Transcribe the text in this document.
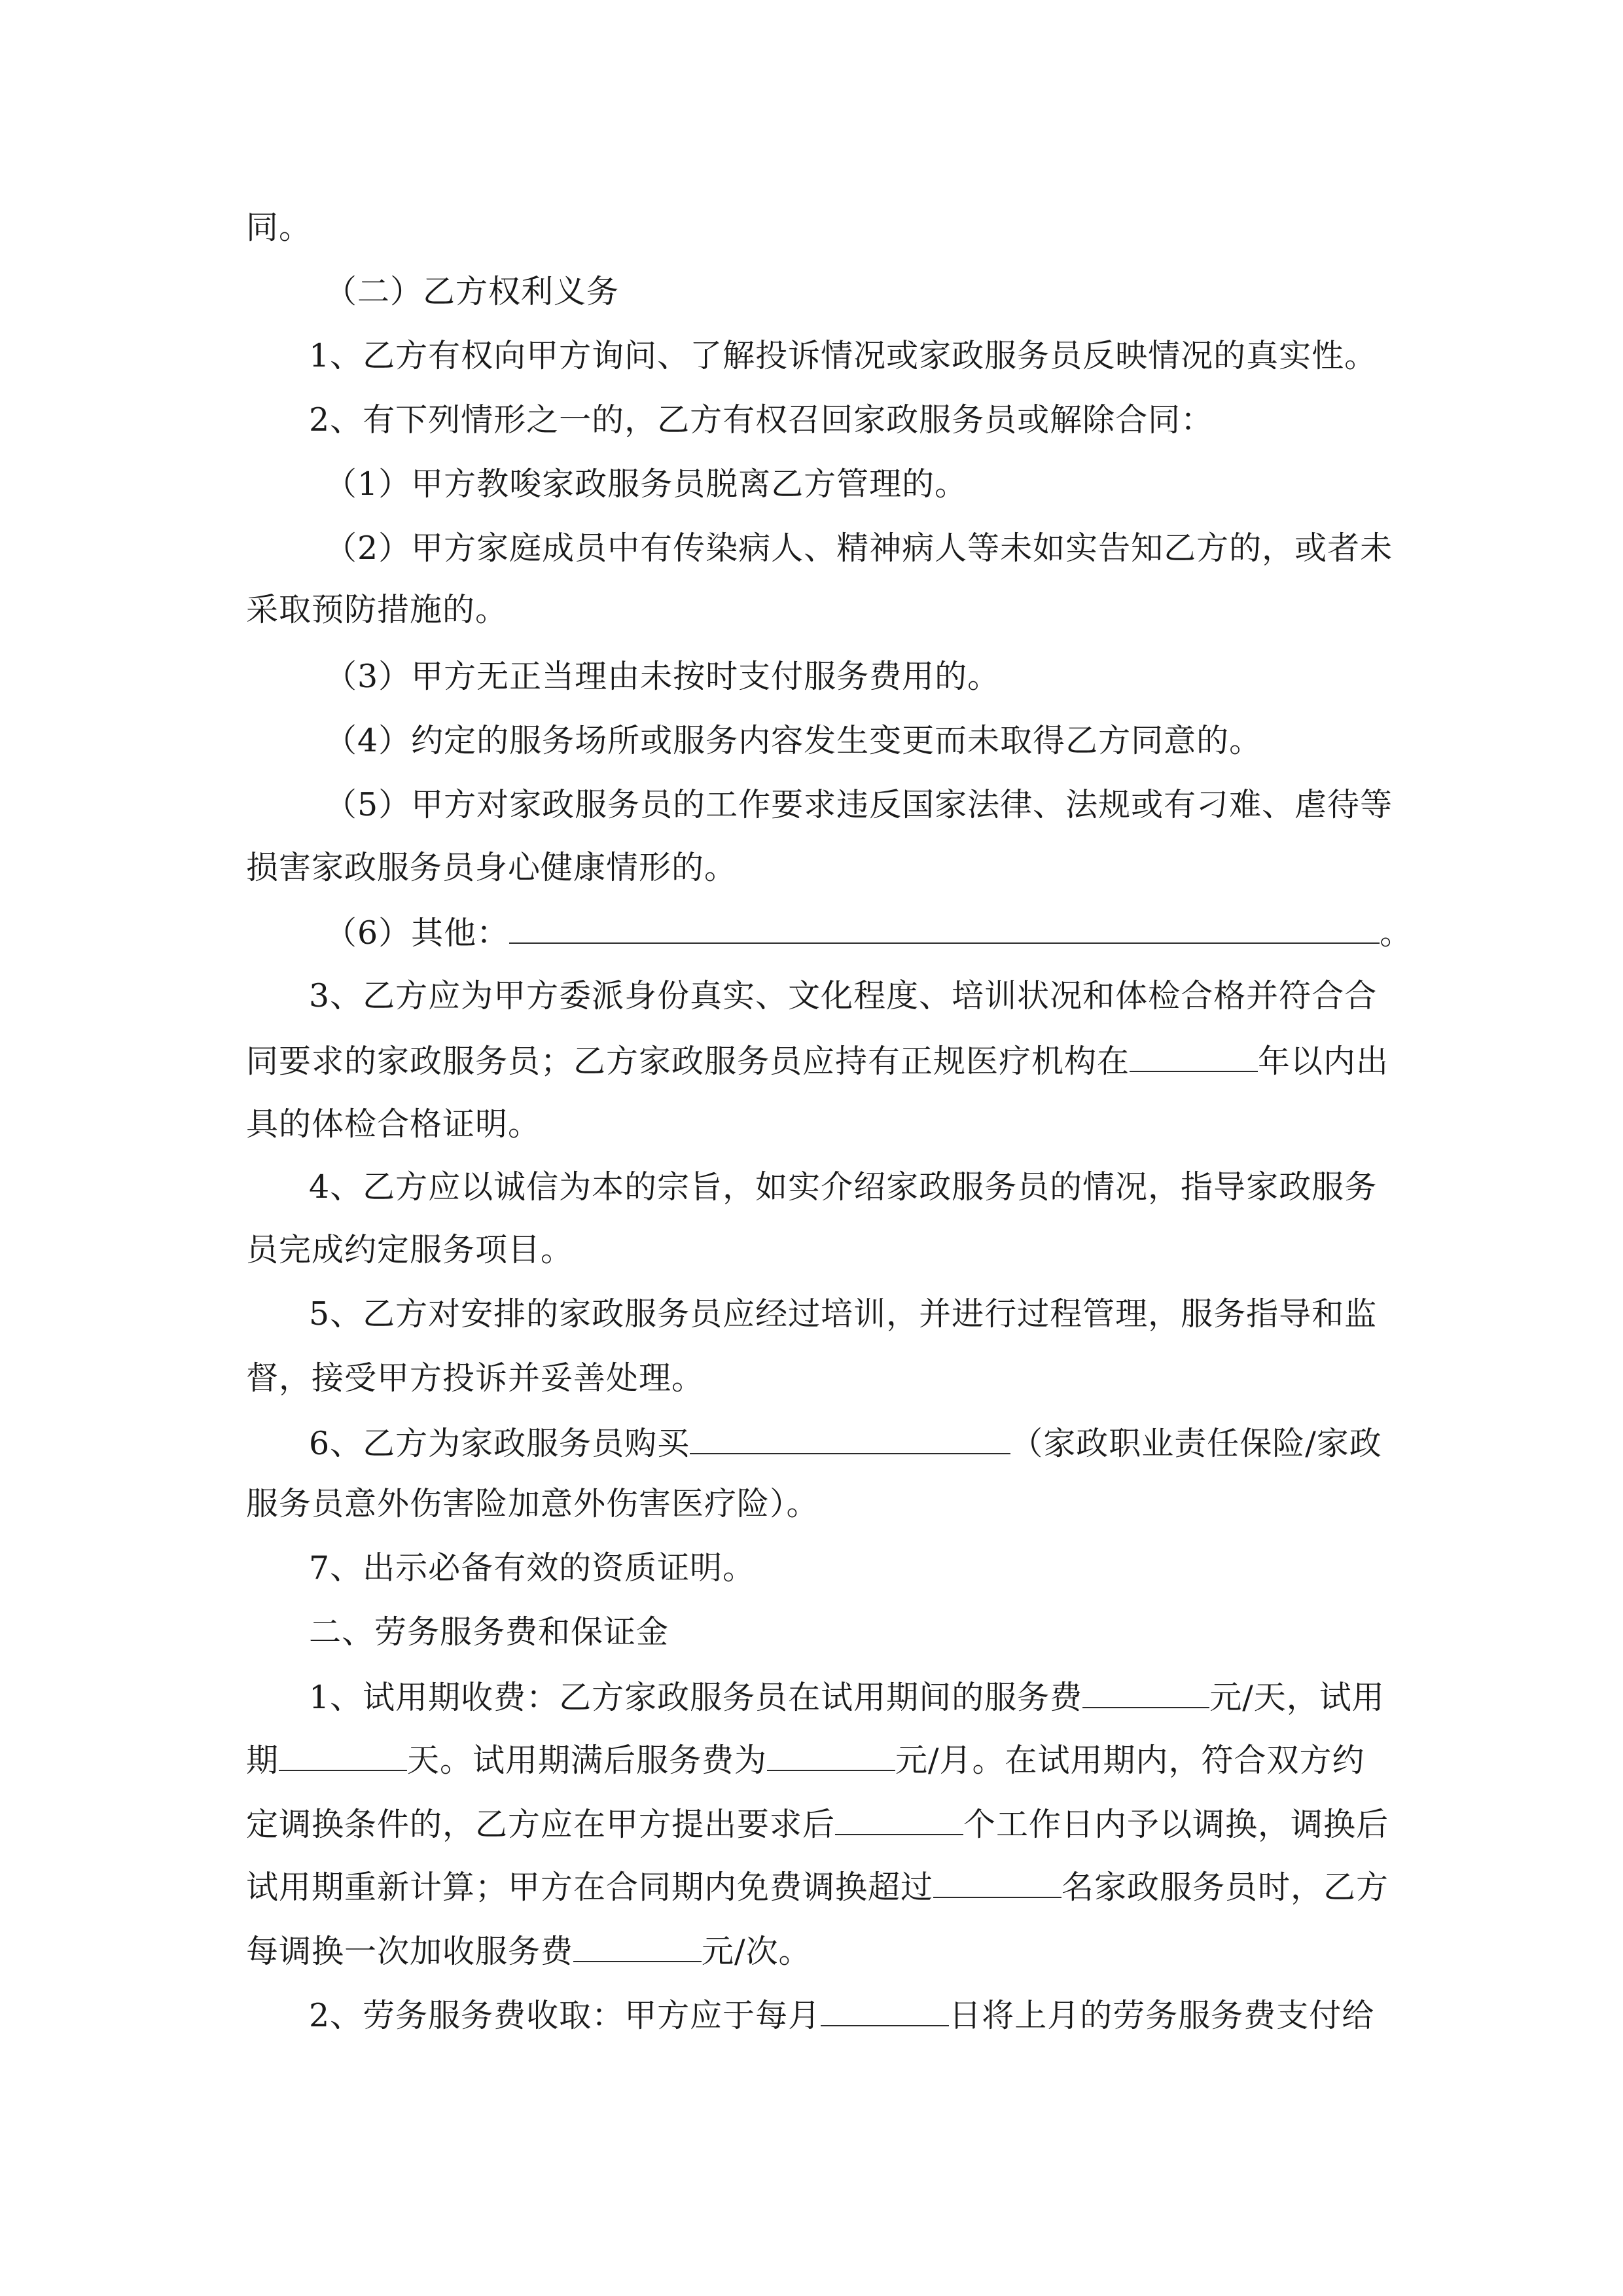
同。
（二）乙方权利义务
1、乙方有权向甲方询问、了解投诉情况或家政服务员反映情况的真实性。
2、有下列情形之一的，乙方有权召回家政服务员或解除合同：
（1）甲方教唆家政服务员脱离乙方管理的。
（2）甲方家庭成员中有传染病人、精神病人等未如实告知乙方的，或者未
采取预防措施的。
（3）甲方无正当理由未按时支付服务费用的。
（4）约定的服务场所或服务内容发生变更而未取得乙方同意的。
（5）甲方对家政服务员的工作要求违反国家法律、法规或有刁难、虐待等
损害家政服务员身心健康情形的。
（6）其他：	。
3、乙方应为甲方委派身份真实、文化程度、培训状况和体检合格并符合合
同要求的家政服务员；乙方家政服务员应持有正规医疗机构在	年以内出
具的体检合格证明。
4、乙方应以诚信为本的宗旨，如实介绍家政服务员的情况，指导家政服务
员完成约定服务项目。
5、乙方对安排的家政服务员应经过培训，并进行过程管理，服务指导和监
督，接受甲方投诉并妥善处理。
6、乙方为家政服务员购买	（家政职业责任保险/家政
服务员意外伤害险加意外伤害医疗险）。
7、出示必备有效的资质证明。
二、劳务服务费和保证金
1、试用期收费：乙方家政服务员在试用期间的服务费	元/天，试用
期	天。试用期满后服务费为	元/月。在试用期内，符合双方约
定调换条件的，乙方应在甲方提出要求后	个工作日内予以调换，调换后
试用期重新计算；甲方在合同期内免费调换超过	名家政服务员时，乙方
每调换一次加收服务费	元/次。
2、劳务服务费收取：甲方应于每月	日将上月的劳务服务费支付给
